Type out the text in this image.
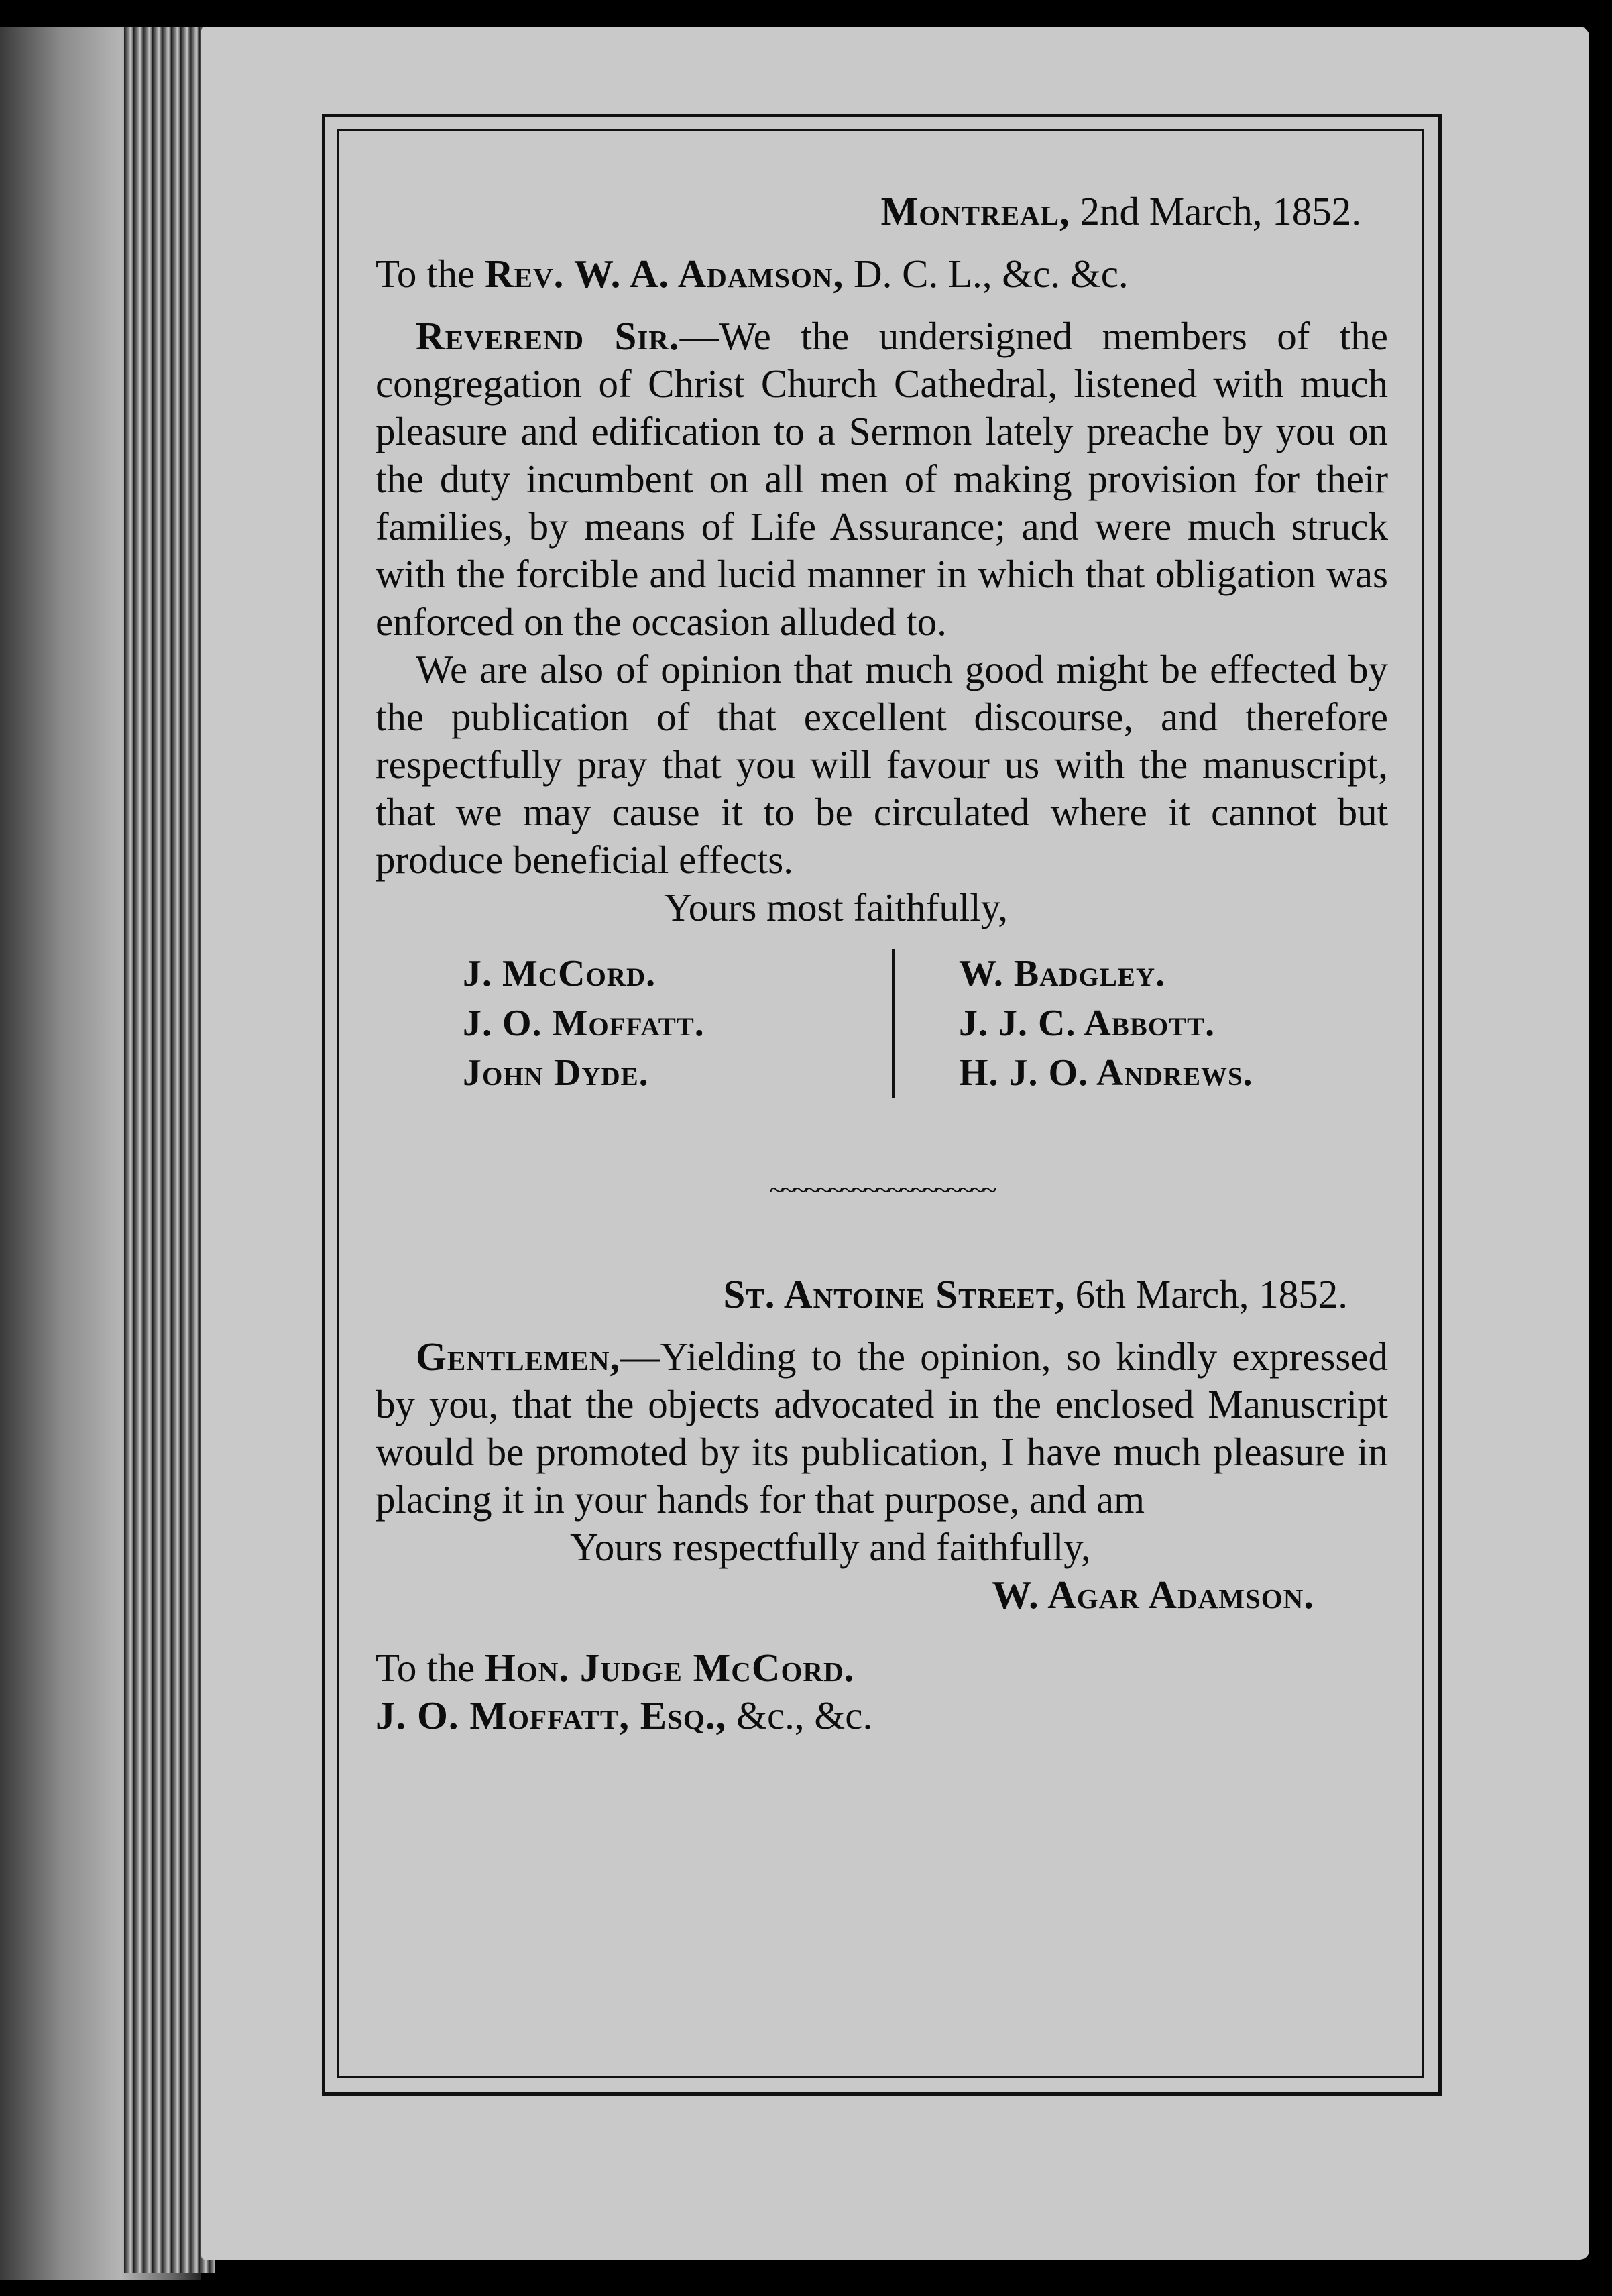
Montreal, 2nd March, 1852.
To the Rev. W. A. Adamson, D. C. L., &c. &c.

Reverend Sir.—We the undersigned members of the congregation of Christ Church Cathedral, listened with much pleasure and edification to a Sermon lately preache by you on the duty incumbent on all men of making provision for their families, by means of Life Assurance; and were much struck with the forcible and lucid manner in which that obligation was enforced on the occasion alluded to.

We are also of opinion that much good might be effected by the publication of that excellent discourse, and therefore respectfully pray that you will favour us with the manuscript, that we may cause it to be circulated where it cannot but produce beneficial effects.

Yours most faithfully,
J. McCord.
J. O. Moffatt.
John Dyde.
W. Badgley.
J. J. C. Abbott.
H. J. O. Andrews.
~~~~~~~~~~~~~~~~~~~
St. Antoine Street, 6th March, 1852.

Gentlemen,—Yielding to the opinion, so kindly expressed by you, that the objects advocated in the enclosed Manuscript would be promoted by its publication, I have much pleasure in placing it in your hands for that purpose, and am

Yours respectfully and faithfully,
W. Agar Adamson.
To the Hon. Judge McCord.
J. O. Moffatt, Esq., &c., &c.
